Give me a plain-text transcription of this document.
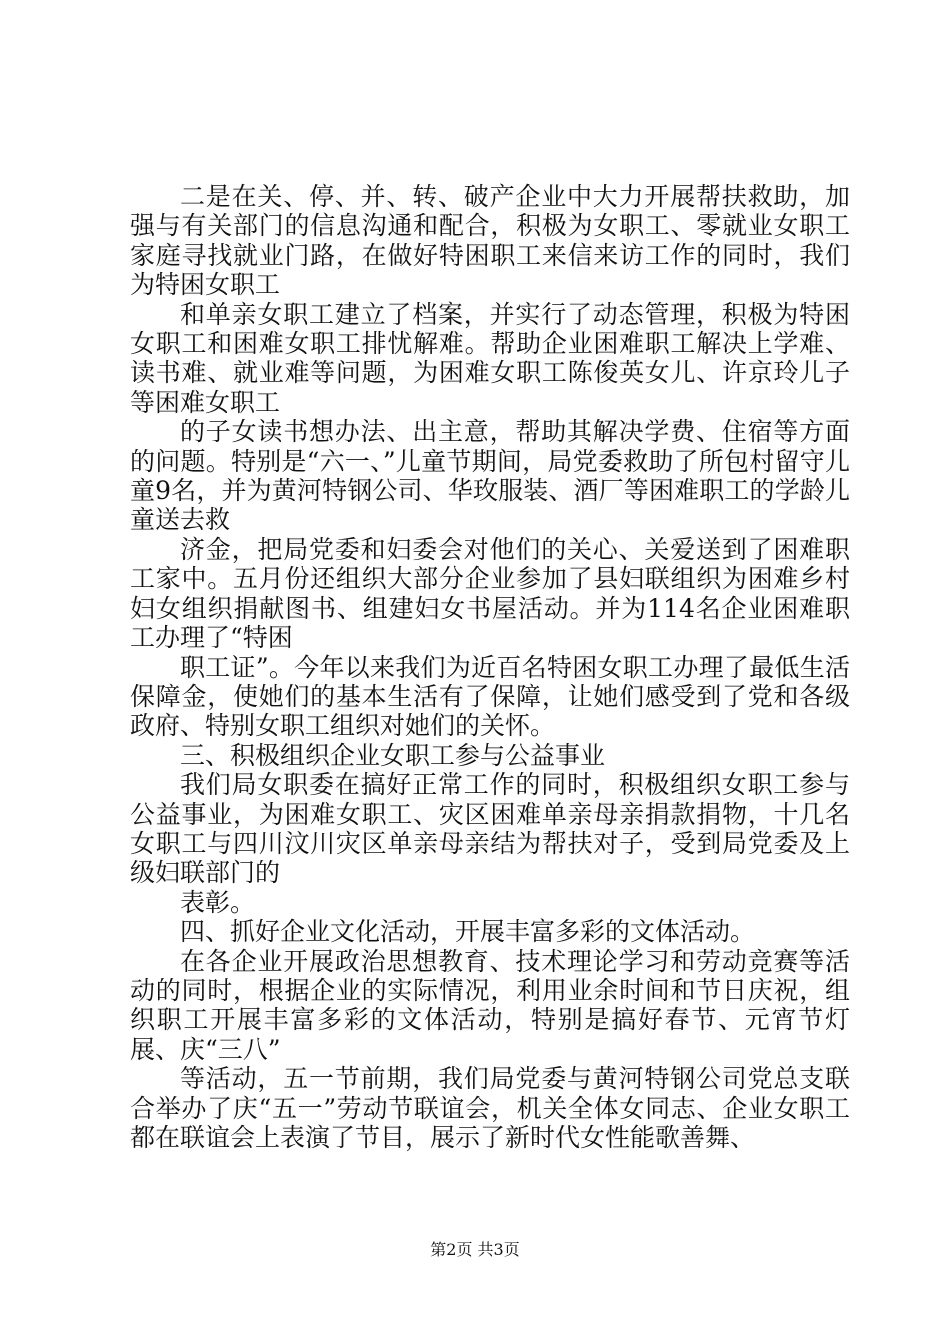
二是在关、停、并、转、破产企业中大力开展帮扶救助，加强与有关部门的信息沟通和配合，积极为女职工、零就业女职工家庭寻找就业门路，在做好特困职工来信来访工作的同时，我们为特困女职工

和单亲女职工建立了档案，并实行了动态管理，积极为特困女职工和困难女职工排忧解难。帮助企业困难职工解决上学难、读书难、就业难等问题，为困难女职工陈俊英女儿、许京玲儿子等困难女职工

的子女读书想办法、出主意，帮助其解决学费、住宿等方面的问题。特别是“六一、”儿童节期间，局党委救助了所包村留守儿童9名，并为黄河特钢公司、华玫服装、酒厂等困难职工的学龄儿童送去救

济金，把局党委和妇委会对他们的关心、关爱送到了困难职工家中。五月份还组织大部分企业参加了县妇联组织为困难乡村妇女组织捐献图书、组建妇女书屋活动。并为114名企业困难职工办理了“特困

职工证”。今年以来我们为近百名特困女职工办理了最低生活保障金，使她们的基本生活有了保障，让她们感受到了党和各级政府、特别女职工组织对她们的关怀。

三、积极组织企业女职工参与公益事业

我们局女职委在搞好正常工作的同时，积极组织女职工参与公益事业，为困难女职工、灾区困难单亲母亲捐款捐物，十几名女职工与四川汶川灾区单亲母亲结为帮扶对子，受到局党委及上级妇联部门的

表彰。

四、抓好企业文化活动，开展丰富多彩的文体活动。

在各企业开展政治思想教育、技术理论学习和劳动竞赛等活动的同时，根据企业的实际情况，利用业余时间和节日庆祝，组织职工开展丰富多彩的文体活动，特别是搞好春节、元宵节灯展、庆“三八”

等活动，五一节前期，我们局党委与黄河特钢公司党总支联合举办了庆“五一”劳动节联谊会，机关全体女同志、企业女职工都在联谊会上表演了节目，展示了新时代女性能歌善舞、

第2页 共3页
